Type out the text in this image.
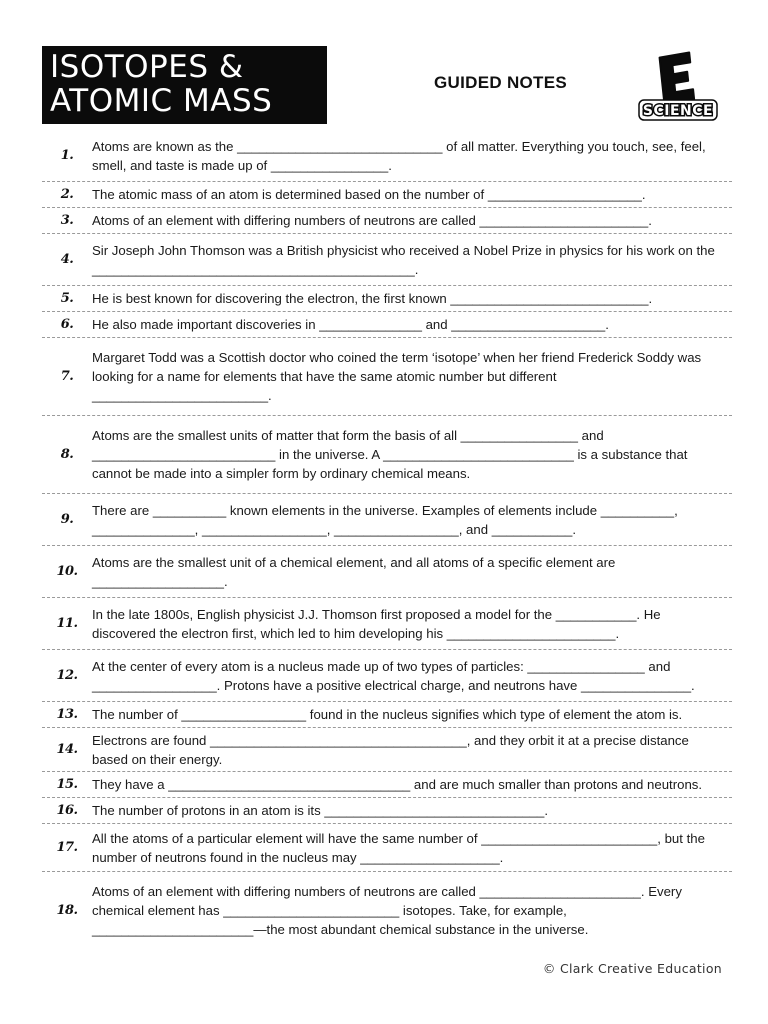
ISOTOPES &
ATOMIC MASS
GUIDED NOTES
E
SCIENCE
1.
Atoms are known as the ____________________________ of all matter. Everything you touch, see, feel, smell, and taste is made up of ________________.
2.	The atomic mass of an atom is determined based on the number of _____________________.
3.	Atoms of an element with differing numbers of neutrons are called _______________________.
4.
Sir Joseph John Thomson was a British physicist who received a Nobel Prize in physics for his work on the ____________________________________________.
5.	He is best known for discovering the electron, the first known ___________________________.
6.	He also made important discoveries in ______________ and _____________________.
7.
Margaret Todd was a Scottish doctor who coined the term ‘isotope’ when her friend Frederick Soddy was looking for a name for elements that have the same atomic number but different ________________________.
8.
Atoms are the smallest units of matter that form the basis of all ________________ and _________________________ in the universe. A __________________________ is a substance that cannot be made into a simpler form by ordinary chemical means.
9.
There are __________ known elements in the universe. Examples of elements include __________, ______________, _________________, _________________, and ___________.
10.
Atoms are the smallest unit of a chemical element, and all atoms of a specific element are __________________.
11.
In the late 1800s, English physicist J.J. Thomson first proposed a model for the ___________. He discovered the electron first, which led to him developing his _______________________.
12.
At the center of every atom is a nucleus made up of two types of particles: ________________ and _________________. Protons have a positive electrical charge, and neutrons have _______________.
13.	The number of _________________ found in the nucleus signifies which type of element the atom is.
14.
Electrons are found ___________________________________, and they orbit it at a precise distance based on their energy.
15.	They have a _________________________________ and are much smaller than protons and neutrons.
16.	The number of protons in an atom is its ______________________________.
17.
All the atoms of a particular element will have the same number of ________________________, but the number of neutrons found in the nucleus may ___________________.
18.
Atoms of an element with differing numbers of neutrons are called ______________________. Every chemical element has ________________________ isotopes. Take, for example, ______________________—the most abundant chemical substance in the universe.
© Clark Creative Education
